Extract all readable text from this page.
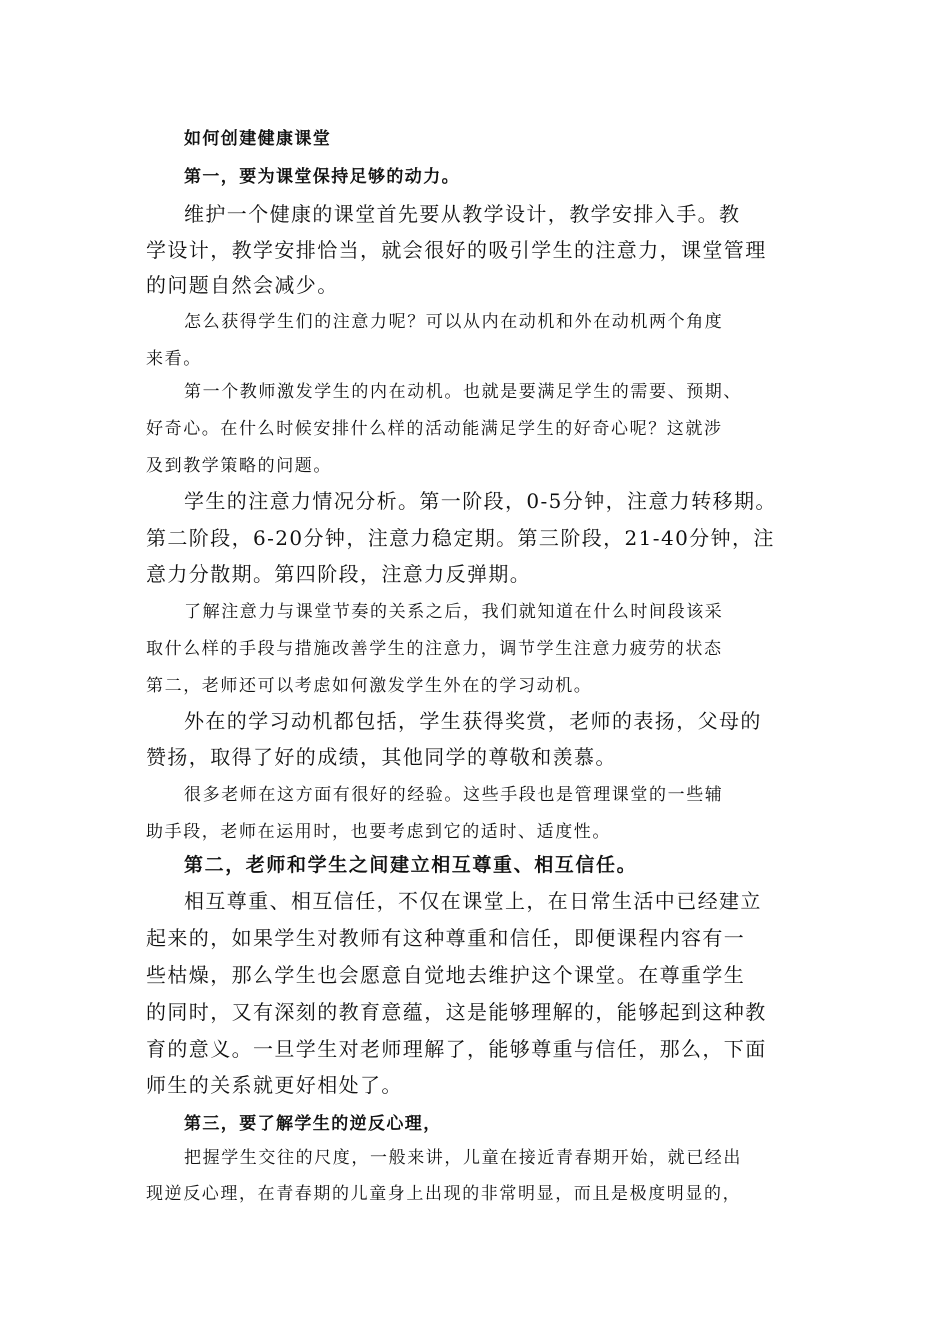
如何创建健康课堂

第一，要为课堂保持足够的动力。

维护一个健康的课堂首先要从教学设计，教学安排入手。教

学设计，教学安排恰当，就会很好的吸引学生的注意力，课堂管理

的问题自然会减少。

怎么获得学生们的注意力呢？可以从内在动机和外在动机两个角度

来看。

第一个教师激发学生的内在动机。也就是要满足学生的需要、预期、

好奇心。在什么时候安排什么样的活动能满足学生的好奇心呢？这就涉

及到教学策略的问题。

学生的注意力情况分析。第一阶段，0-5分钟，注意力转移期。

第二阶段，6-20分钟，注意力稳定期。第三阶段，21-40分钟，注

意力分散期。第四阶段，注意力反弹期。

了解注意力与课堂节奏的关系之后，我们就知道在什么时间段该采

取什么样的手段与措施改善学生的注意力，调节学生注意力疲劳的状态

第二，老师还可以考虑如何激发学生外在的学习动机。

外在的学习动机都包括，学生获得奖赏，老师的表扬，父母的

赞扬，取得了好的成绩，其他同学的尊敬和羡慕。

很多老师在这方面有很好的经验。这些手段也是管理课堂的一些辅

助手段，老师在运用时，也要考虑到它的适时、适度性。

第二，老师和学生之间建立相互尊重、相互信任。

相互尊重、相互信任，不仅在课堂上，在日常生活中已经建立

起来的，如果学生对教师有这种尊重和信任，即便课程内容有一

些枯燥，那么学生也会愿意自觉地去维护这个课堂。在尊重学生

的同时，又有深刻的教育意蕴，这是能够理解的，能够起到这种教

育的意义。一旦学生对老师理解了，能够尊重与信任，那么，下面

师生的关系就更好相处了。

第三，要了解学生的逆反心理，

把握学生交往的尺度，一般来讲，儿童在接近青春期开始，就已经出

现逆反心理，在青春期的儿童身上出现的非常明显，而且是极度明显的，
